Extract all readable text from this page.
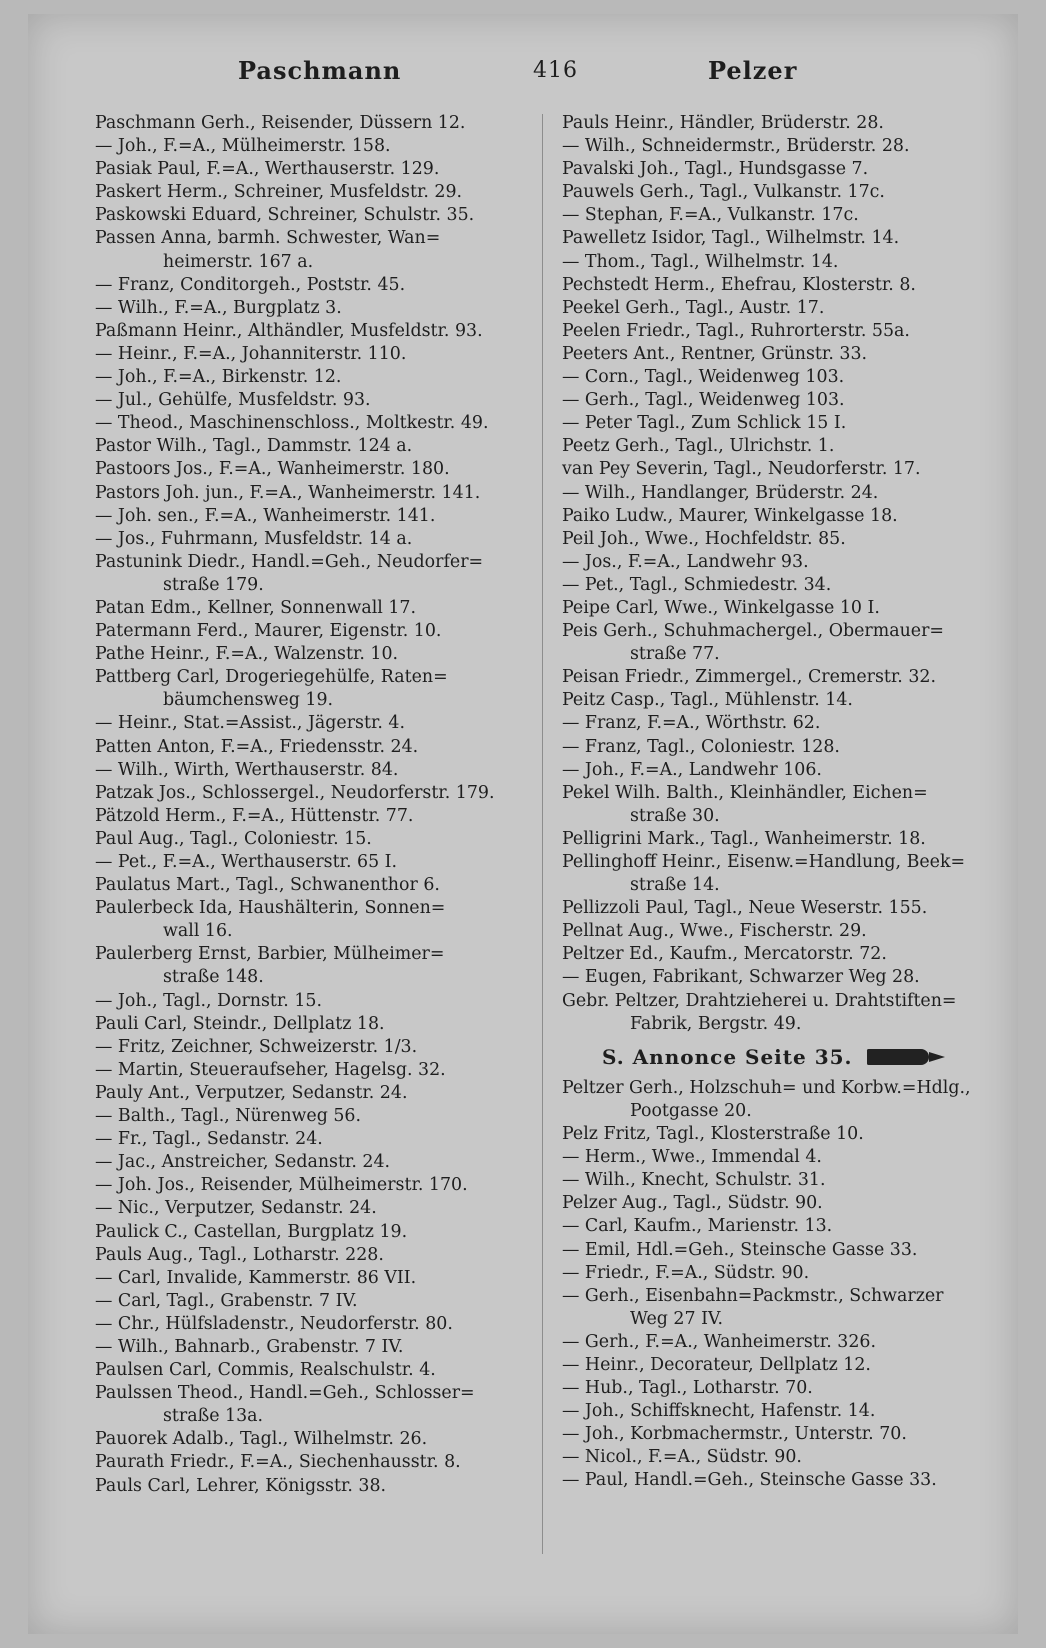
Paschmann	416	Pelzer
Paschmann Gerh., Reisender, Düssern 12.
— Joh., F.=A., Mülheimerstr. 158.
Pasiak Paul, F.=A., Werthauserstr. 129.
Paskert Herm., Schreiner, Musfeldstr. 29.
Paskowski Eduard, Schreiner, Schulstr. 35.
Passen Anna, barmh. Schwester, Wan=
heimerstr. 167 a.
— Franz, Conditorgeh., Poststr. 45.
— Wilh., F.=A., Burgplatz 3.
Paßmann Heinr., Althändler, Musfeldstr. 93.
— Heinr., F.=A., Johanniterstr. 110.
— Joh., F.=A., Birkenstr. 12.
— Jul., Gehülfe, Musfeldstr. 93.
— Theod., Maschinenschloss., Moltkestr. 49.
Pastor Wilh., Tagl., Dammstr. 124 a.
Pastoors Jos., F.=A., Wanheimerstr. 180.
Pastors Joh. jun., F.=A., Wanheimerstr. 141.
— Joh. sen., F.=A., Wanheimerstr. 141.
— Jos., Fuhrmann, Musfeldstr. 14 a.
Pastunink Diedr., Handl.=Geh., Neudorfer=
straße 179.
Patan Edm., Kellner, Sonnenwall 17.
Patermann Ferd., Maurer, Eigenstr. 10.
Pathe Heinr., F.=A., Walzenstr. 10.
Pattberg Carl, Drogeriegehülfe, Raten=
bäumchensweg 19.
— Heinr., Stat.=Assist., Jägerstr. 4.
Patten Anton, F.=A., Friedensstr. 24.
— Wilh., Wirth, Werthauserstr. 84.
Patzak Jos., Schlossergel., Neudorferstr. 179.
Pätzold Herm., F.=A., Hüttenstr. 77.
Paul Aug., Tagl., Coloniestr. 15.
— Pet., F.=A., Werthauserstr. 65 I.
Paulatus Mart., Tagl., Schwanenthor 6.
Paulerbeck Ida, Haushälterin, Sonnen=
wall 16.
Paulerberg Ernst, Barbier, Mülheimer=
straße 148.
— Joh., Tagl., Dornstr. 15.
Pauli Carl, Steindr., Dellplatz 18.
— Fritz, Zeichner, Schweizerstr. 1/3.
— Martin, Steueraufseher, Hagelsg. 32.
Pauly Ant., Verputzer, Sedanstr. 24.
— Balth., Tagl., Nürenweg 56.
— Fr., Tagl., Sedanstr. 24.
— Jac., Anstreicher, Sedanstr. 24.
— Joh. Jos., Reisender, Mülheimerstr. 170.
— Nic., Verputzer, Sedanstr. 24.
Paulick C., Castellan, Burgplatz 19.
Pauls Aug., Tagl., Lotharstr. 228.
— Carl, Invalide, Kammerstr. 86 VII.
— Carl, Tagl., Grabenstr. 7 IV.
— Chr., Hülfsladenstr., Neudorferstr. 80.
— Wilh., Bahnarb., Grabenstr. 7 IV.
Paulsen Carl, Commis, Realschulstr. 4.
Paulssen Theod., Handl.=Geh., Schlosser=
straße 13a.
Pauorek Adalb., Tagl., Wilhelmstr. 26.
Paurath Friedr., F.=A., Siechenhausstr. 8.
Pauls Carl, Lehrer, Königsstr. 38.
Pauls Heinr., Händler, Brüderstr. 28.
— Wilh., Schneidermstr., Brüderstr. 28.
Pavalski Joh., Tagl., Hundsgasse 7.
Pauwels Gerh., Tagl., Vulkanstr. 17c.
— Stephan, F.=A., Vulkanstr. 17c.
Pawelletz Isidor, Tagl., Wilhelmstr. 14.
— Thom., Tagl., Wilhelmstr. 14.
Pechstedt Herm., Ehefrau, Klosterstr. 8.
Peekel Gerh., Tagl., Austr. 17.
Peelen Friedr., Tagl., Ruhrorterstr. 55a.
Peeters Ant., Rentner, Grünstr. 33.
— Corn., Tagl., Weidenweg 103.
— Gerh., Tagl., Weidenweg 103.
— Peter Tagl., Zum Schlick 15 I.
Peetz Gerh., Tagl., Ulrichstr. 1.
van Pey Severin, Tagl., Neudorferstr. 17.
— Wilh., Handlanger, Brüderstr. 24.
Paiko Ludw., Maurer, Winkelgasse 18.
Peil Joh., Wwe., Hochfeldstr. 85.
— Jos., F.=A., Landwehr 93.
— Pet., Tagl., Schmiedestr. 34.
Peipe Carl, Wwe., Winkelgasse 10 I.
Peis Gerh., Schuhmachergel., Obermauer=
straße 77.
Peisan Friedr., Zimmergel., Cremerstr. 32.
Peitz Casp., Tagl., Mühlenstr. 14.
— Franz, F.=A., Wörthstr. 62.
— Franz, Tagl., Coloniestr. 128.
— Joh., F.=A., Landwehr 106.
Pekel Wilh. Balth., Kleinhändler, Eichen=
straße 30.
Pelligrini Mark., Tagl., Wanheimerstr. 18.
Pellinghoff Heinr., Eisenw.=Handlung, Beek=
straße 14.
Pellizzoli Paul, Tagl., Neue Weserstr. 155.
Pellnat Aug., Wwe., Fischerstr. 29.
Peltzer Ed., Kaufm., Mercatorstr. 72.
— Eugen, Fabrikant, Schwarzer Weg 28.
Gebr. Peltzer, Drahtzieherei u. Drahtstiften=
Fabrik, Bergstr. 49.
S. Annonce Seite 35.
Peltzer Gerh., Holzschuh= und Korbw.=Hdlg.,
Pootgasse 20.
Pelz Fritz, Tagl., Klosterstraße 10.
— Herm., Wwe., Immendal 4.
— Wilh., Knecht, Schulstr. 31.
Pelzer Aug., Tagl., Südstr. 90.
— Carl, Kaufm., Marienstr. 13.
— Emil, Hdl.=Geh., Steinsche Gasse 33.
— Friedr., F.=A., Südstr. 90.
— Gerh., Eisenbahn=Packmstr., Schwarzer
Weg 27 IV.
— Gerh., F.=A., Wanheimerstr. 326.
— Heinr., Decorateur, Dellplatz 12.
— Hub., Tagl., Lotharstr. 70.
— Joh., Schiffsknecht, Hafenstr. 14.
— Joh., Korbmachermstr., Unterstr. 70.
— Nicol., F.=A., Südstr. 90.
— Paul, Handl.=Geh., Steinsche Gasse 33.
